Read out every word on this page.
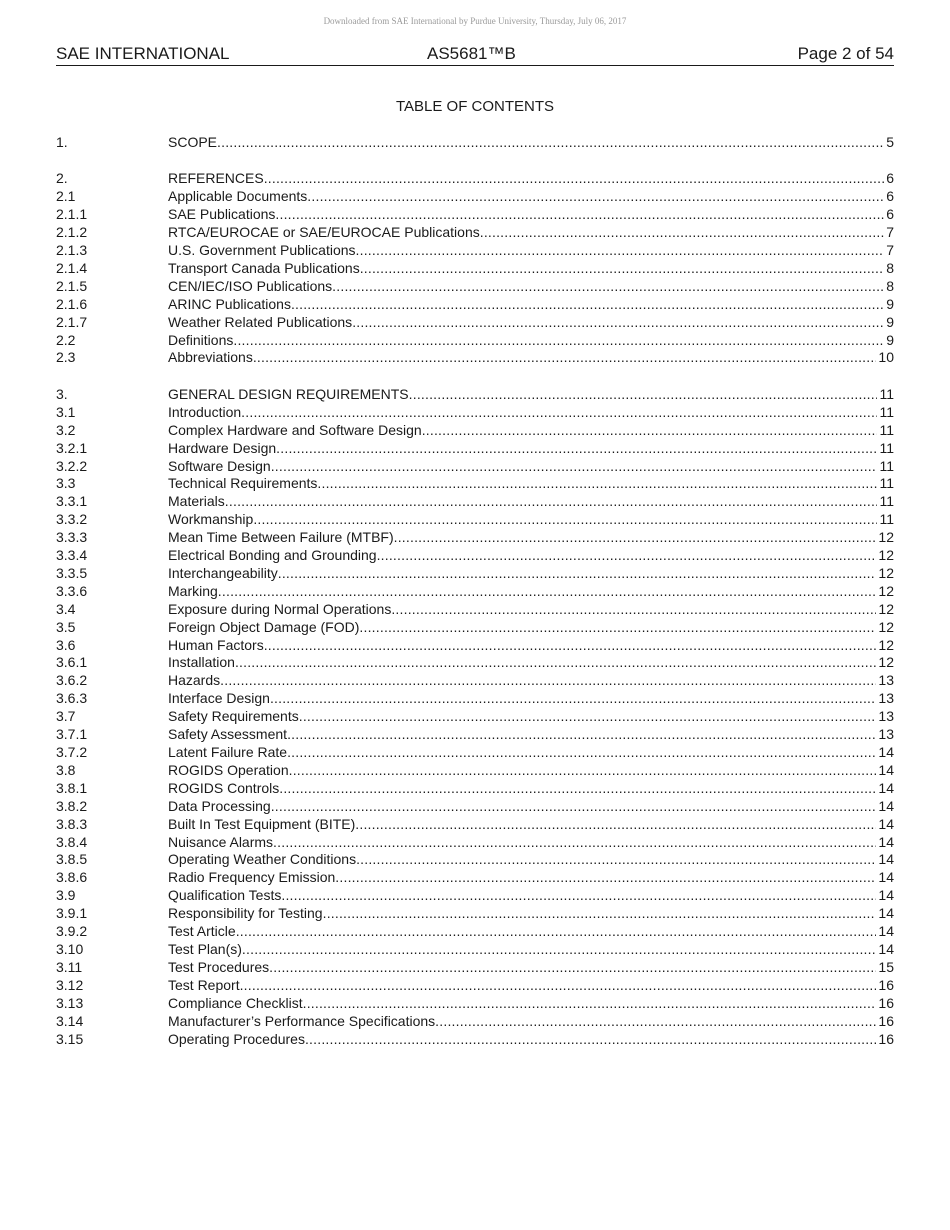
Downloaded from SAE International by Purdue University, Thursday, July 06, 2017
SAE INTERNATIONAL	AS5681™B	Page 2 of 54
TABLE OF CONTENTS
1.	SCOPE .....	5
2.	REFERENCES .....	6
2.1	Applicable Documents .....	6
2.1.1	SAE Publications .....	6
2.1.2	RTCA/EUROCAE or SAE/EUROCAE Publications .....	7
2.1.3	U.S. Government Publications .....	7
2.1.4	Transport Canada Publications .....	8
2.1.5	CEN/IEC/ISO Publications .....	8
2.1.6	ARINC Publications .....	9
2.1.7	Weather Related Publications .....	9
2.2	Definitions .....	9
2.3	Abbreviations .....	10
3.	GENERAL DESIGN REQUIREMENTS .....	11
3.1	Introduction .....	11
3.2	Complex Hardware and Software Design .....	11
3.2.1	Hardware Design .....	11
3.2.2	Software Design .....	11
3.3	Technical Requirements .....	11
3.3.1	Materials .....	11
3.3.2	Workmanship .....	11
3.3.3	Mean Time Between Failure (MTBF) .....	12
3.3.4	Electrical Bonding and Grounding .....	12
3.3.5	Interchangeability .....	12
3.3.6	Marking .....	12
3.4	Exposure during Normal Operations .....	12
3.5	Foreign Object Damage (FOD) .....	12
3.6	Human Factors .....	12
3.6.1	Installation .....	12
3.6.2	Hazards .....	13
3.6.3	Interface Design .....	13
3.7	Safety Requirements .....	13
3.7.1	Safety Assessment .....	13
3.7.2	Latent Failure Rate .....	14
3.8	ROGIDS Operation .....	14
3.8.1	ROGIDS Controls .....	14
3.8.2	Data Processing .....	14
3.8.3	Built In Test Equipment (BITE) .....	14
3.8.4	Nuisance Alarms .....	14
3.8.5	Operating Weather Conditions .....	14
3.8.6	Radio Frequency Emission .....	14
3.9	Qualification Tests .....	14
3.9.1	Responsibility for Testing .....	14
3.9.2	Test Article .....	14
3.10	Test Plan(s) .....	14
3.11	Test Procedures .....	15
3.12	Test Report .....	16
3.13	Compliance Checklist .....	16
3.14	Manufacturer’s Performance Specifications .....	16
3.15	Operating Procedures .....	16
